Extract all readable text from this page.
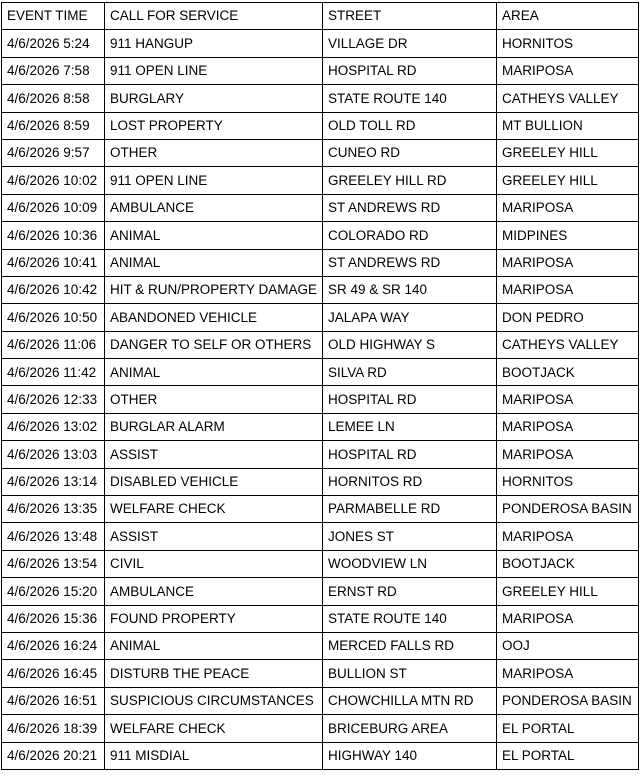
EVENT TIME	CALL FOR SERVICE	STREET	AREA
4/6/2026 5:24	911 HANGUP	VILLAGE DR	HORNITOS
4/6/2026 7:58	911 OPEN LINE	HOSPITAL RD	MARIPOSA
4/6/2026 8:58	BURGLARY	STATE ROUTE 140	CATHEYS VALLEY
4/6/2026 8:59	LOST PROPERTY	OLD TOLL RD	MT BULLION
4/6/2026 9:57	OTHER	CUNEO RD	GREELEY HILL
4/6/2026 10:02	911 OPEN LINE	GREELEY HILL RD	GREELEY HILL
4/6/2026 10:09	AMBULANCE	ST ANDREWS RD	MARIPOSA
4/6/2026 10:36	ANIMAL	COLORADO RD	MIDPINES
4/6/2026 10:41	ANIMAL	ST ANDREWS RD	MARIPOSA
4/6/2026 10:42	HIT & RUN/PROPERTY DAMAGE	SR 49 & SR 140	MARIPOSA
4/6/2026 10:50	ABANDONED VEHICLE	JALAPA WAY	DON PEDRO
4/6/2026 11:06	DANGER TO SELF OR OTHERS	OLD HIGHWAY S	CATHEYS VALLEY
4/6/2026 11:42	ANIMAL	SILVA RD	BOOTJACK
4/6/2026 12:33	OTHER	HOSPITAL RD	MARIPOSA
4/6/2026 13:02	BURGLAR ALARM	LEMEE LN	MARIPOSA
4/6/2026 13:03	ASSIST	HOSPITAL RD	MARIPOSA
4/6/2026 13:14	DISABLED VEHICLE	HORNITOS RD	HORNITOS
4/6/2026 13:35	WELFARE CHECK	PARMABELLE RD	PONDEROSA BASIN
4/6/2026 13:48	ASSIST	JONES ST	MARIPOSA
4/6/2026 13:54	CIVIL	WOODVIEW LN	BOOTJACK
4/6/2026 15:20	AMBULANCE	ERNST RD	GREELEY HILL
4/6/2026 15:36	FOUND PROPERTY	STATE ROUTE 140	MARIPOSA
4/6/2026 16:24	ANIMAL	MERCED FALLS RD	OOJ
4/6/2026 16:45	DISTURB THE PEACE	BULLION ST	MARIPOSA
4/6/2026 16:51	SUSPICIOUS CIRCUMSTANCES	CHOWCHILLA MTN RD	PONDEROSA BASIN
4/6/2026 18:39	WELFARE CHECK	BRICEBURG AREA	EL PORTAL
4/6/2026 20:21	911 MISDIAL	HIGHWAY 140	EL PORTAL
